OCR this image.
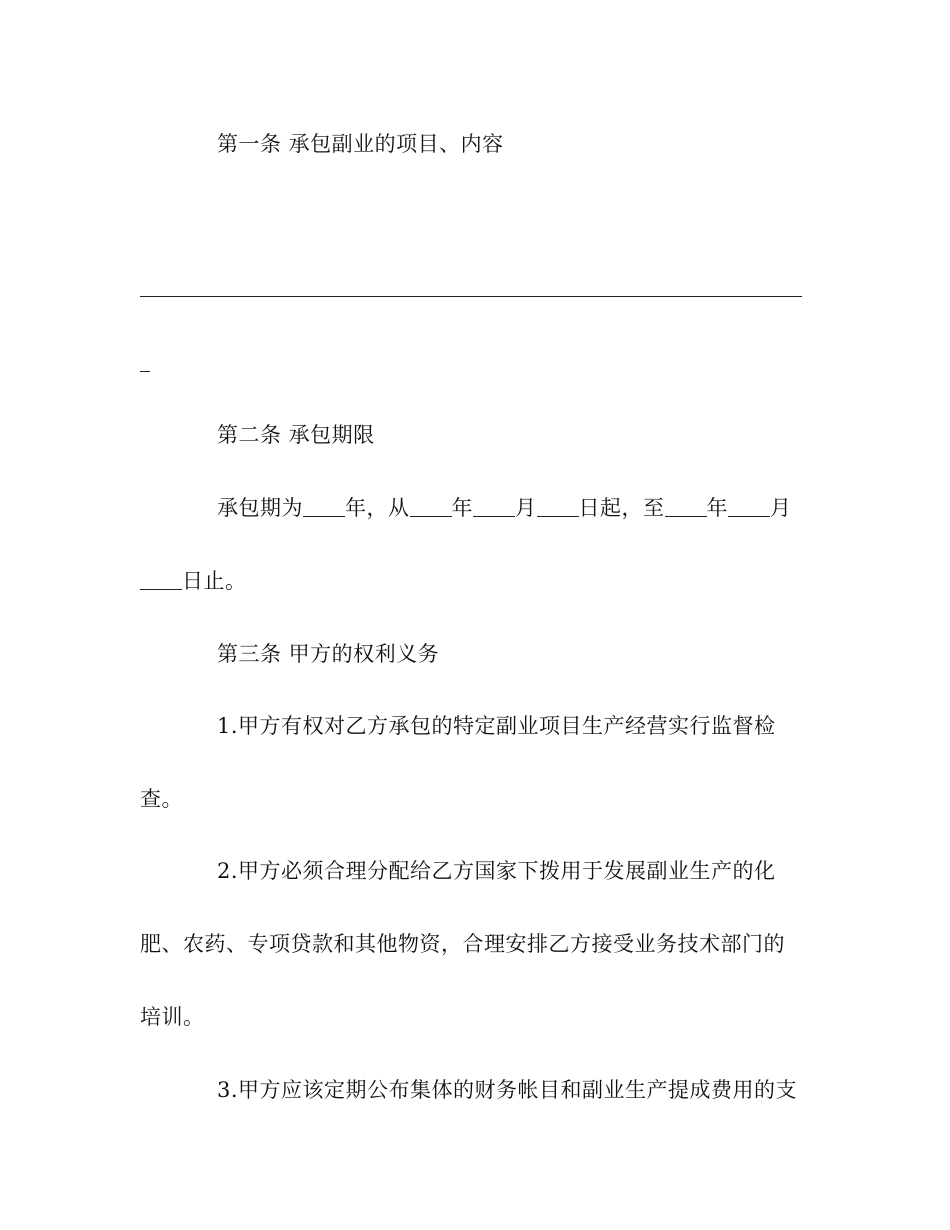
第一条 承包副业的项目、内容
第二条 承包期限
承包期为 年，从 年 月 日起，至 年 月
日止。
第三条 甲方的权利义务
1.甲方有权对乙方承包的特定副业项目生产经营实行监督检
查。
2.甲方必须合理分配给乙方国家下拨用于发展副业生产的化
肥、农药、专项贷款和其他物资，合理安排乙方接受业务技术部门的
培训。
3.甲方应该定期公布集体的财务帐目和副业生产提成费用的支
